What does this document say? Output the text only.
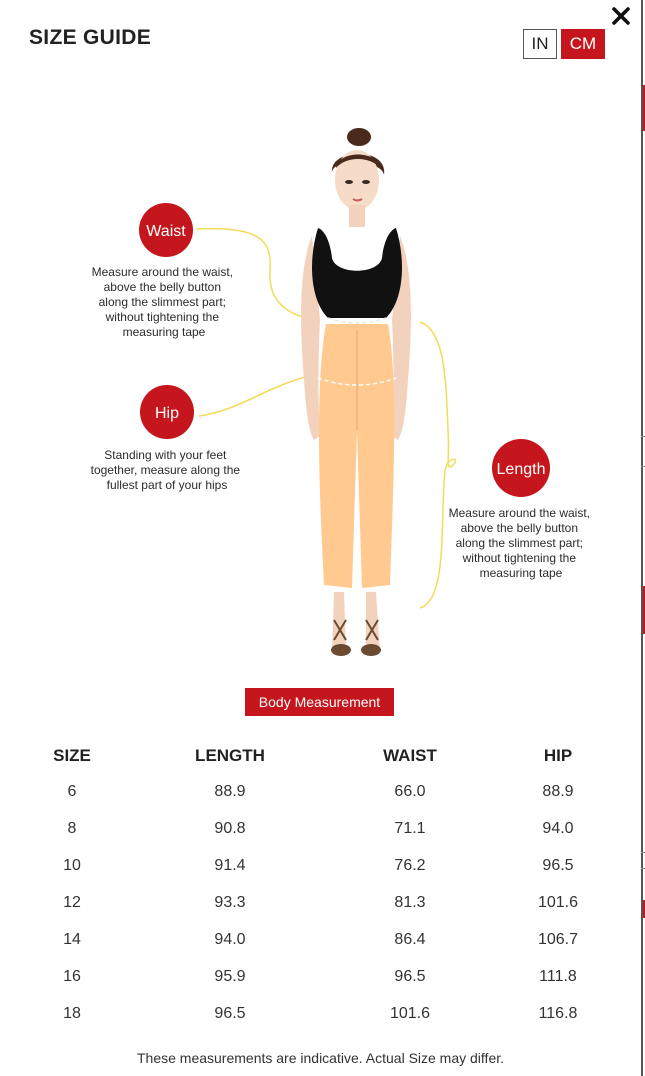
SIZE GUIDE	IN	CM
Waist
Hip
Length
Measure around the waist, above the belly button along the slimmest part; without tightening the measuring tape
Standing with your feet together, measure along the fullest part of your hips
Measure around the waist, above the belly button along the slimmest part; without tightening the measuring tape
Body Measurement
SIZE	LENGTH	WAIST	HIP
6	88.9	66.0	88.9
8	90.8	71.1	94.0
10	91.4	76.2	96.5
12	93.3	81.3	101.6
14	94.0	86.4	106.7
16	95.9	96.5	111.8
18	96.5	101.6	116.8
These measurements are indicative. Actual Size may differ.
